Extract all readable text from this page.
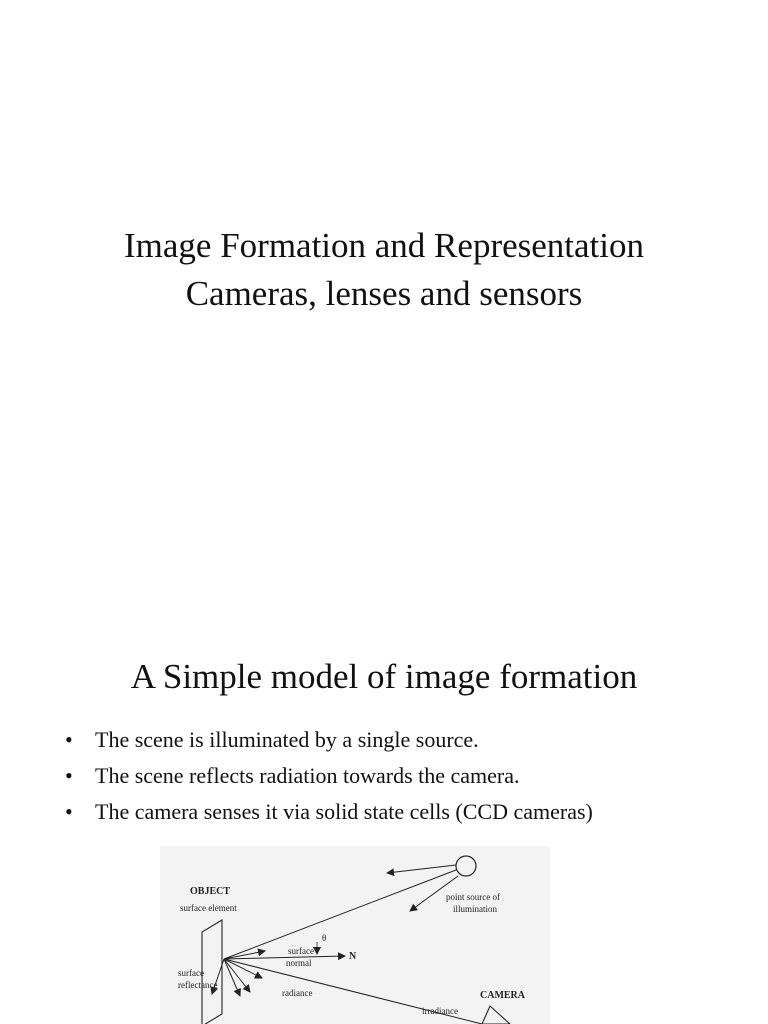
Image Formation and Representation
Cameras, lenses and sensors
A Simple model of image formation
• The scene is illuminated by a single source.
• The scene reflects radiation towards the camera.
• The camera senses it via solid state cells (CCD cameras)
OBJECT
surface element
point source of
illumination
θ
surface
normal
N
surface
reflectance
radiance
irradiance
CAMERA
